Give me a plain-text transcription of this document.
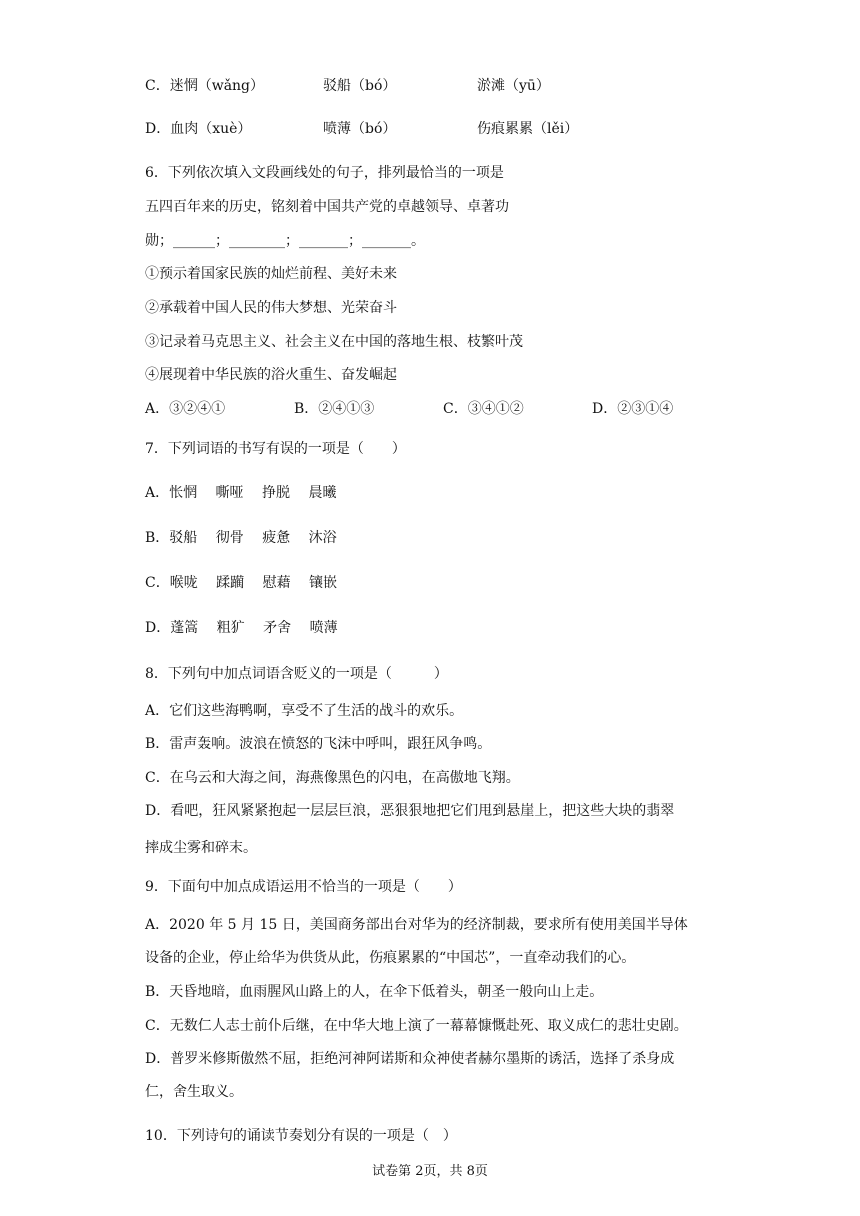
C．迷惘（wǎng）	驳船（bó）	淤滩（yū）
D．血肉（xuè）	喷薄（bó）	伤痕累累（lěi）
6．下列依次填入文段画线处的句子，排列最恰当的一项是
五四百年来的历史，铭刻着中国共产党的卓越领导、卓著功
勋；______；________；_______；_______。
①预示着国家民族的灿烂前程、美好未来
②承载着中国人民的伟大梦想、光荣奋斗
③记录着马克思主义、社会主义在中国的落地生根、枝繁叶茂
④展现着中华民族的浴火重生、奋发崛起
A．③②④①	B．②④①③	C．③④①②	D．②③①④
7．下列词语的书写有误的一项是（　　）
A．怅惘　 嘶哑　 挣脱　 晨曦
B．驳船　 彻骨　 疲惫　 沐浴
C．喉咙　 蹂躏　 慰藉　 镶嵌
D．蓬篙　 粗犷　 矛舍　 喷薄
8．下列句中加点词语含贬义的一项是（　　　）
A．它们这些海鸭啊，享受不了生活的战斗的欢乐。
B．雷声轰响。波浪在愤怒的飞沫中呼叫，跟狂风争鸣。
C．在乌云和大海之间，海燕像黑色的闪电，在高傲地飞翔。
D．看吧，狂风紧紧抱起一层层巨浪，恶狠狠地把它们甩到悬崖上，把这些大块的翡翠
摔成尘雾和碎末。
9．下面句中加点成语运用不恰当的一项是（　　）
A．2020 年 5 月 15 日，美国商务部出台对华为的经济制裁，要求所有使用美国半导体
设备的企业，停止给华为供货从此，伤痕累累的“中国芯”，一直牵动我们的心。
B．天昏地暗，血雨腥风山路上的人，在伞下低着头，朝圣一般向山上走。
C．无数仁人志士前仆后继，在中华大地上演了一幕幕慷慨赴死、取义成仁的悲壮史剧。
D．普罗米修斯傲然不屈，拒绝河神阿诺斯和众神使者赫尔墨斯的诱活，选择了杀身成
仁，舍生取义。
10．下列诗句的诵读节奏划分有误的一项是（　）
试卷第 2页，共 8页
